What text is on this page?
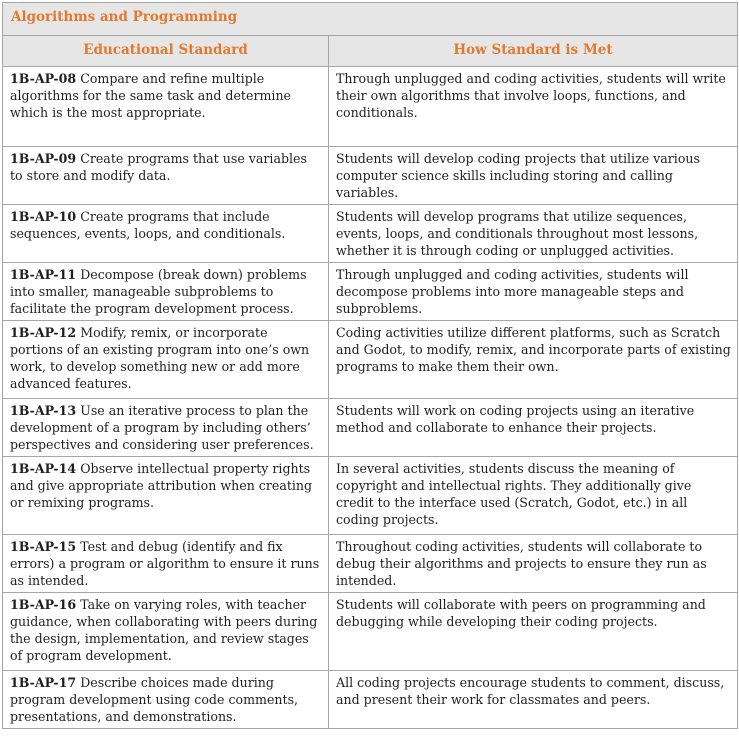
Algorithms and Programming	
Educational Standard	How Standard is Met
1B-AP-08 Compare and refine multiple algorithms for the same task and determine which is the most appropriate.	Through unplugged and coding activities, students will write their own algorithms that involve loops, functions, and conditionals.
1B-AP-09 Create programs that use variables to store and modify data.	Students will develop coding projects that utilize various computer science skills including storing and calling variables.
1B-AP-10 Create programs that include sequences, events, loops, and conditionals.	Students will develop programs that utilize sequences, events, loops, and conditionals throughout most lessons, whether it is through coding or unplugged activities.
1B-AP-11 Decompose (break down) problems into smaller, manageable subproblems to facilitate the program development process.	Through unplugged and coding activities, students will decompose problems into more manageable steps and subproblems.
1B-AP-12 Modify, remix, or incorporate portions of an existing program into one’s own work, to develop something new or add more advanced features.	Coding activities utilize different platforms, such as Scratch and Godot, to modify, remix, and incorporate parts of existing programs to make them their own.
1B-AP-13 Use an iterative process to plan the development of a program by including others’ perspectives and considering user preferences.	Students will work on coding projects using an iterative method and collaborate to enhance their projects.
1B-AP-14 Observe intellectual property rights and give appropriate attribution when creating or remixing programs.	In several activities, students discuss the meaning of copyright and intellectual rights. They additionally give credit to the interface used (Scratch, Godot, etc.) in all coding projects.
1B-AP-15 Test and debug (identify and fix errors) a program or algorithm to ensure it runs as intended.	Throughout coding activities, students will collaborate to debug their algorithms and projects to ensure they run as intended.
1B-AP-16 Take on varying roles, with teacher guidance, when collaborating with peers during the design, implementation, and review stages of program development.	Students will collaborate with peers on programming and debugging while developing their coding projects.
1B-AP-17 Describe choices made during program development using code comments, presentations, and demonstrations.	All coding projects encourage students to comment, discuss, and present their work for classmates and peers.
